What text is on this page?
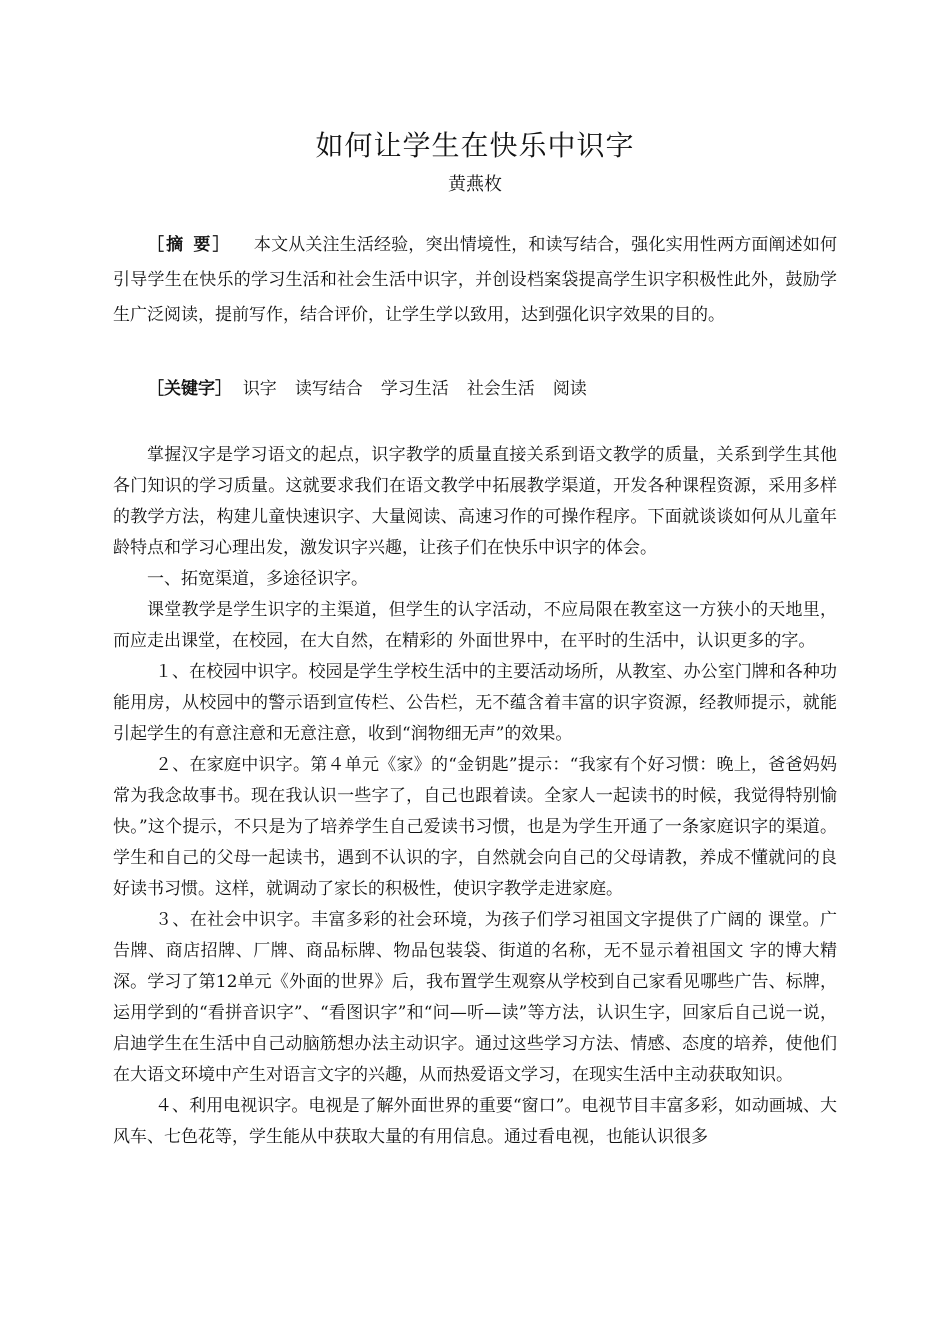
如何让学生在快乐中识字
黄燕枚

［摘 要］ 本文从关注生活经验，突出情境性，和读写结合，强化实用性两方面阐述如何引导学生在快乐的学习生活和社会生活中识字，并创设档案袋提高学生识字积极性此外，鼓励学生广泛阅读，提前写作，结合评价，让学生学以致用，达到强化识字效果的目的。

［关键字］ 识字 读写结合 学习生活 社会生活 阅读

掌握汉字是学习语文的起点，识字教学的质量直接关系到语文教学的质量，关系到学生其他各门知识的学习质量。这就要求我们在语文教学中拓展教学渠道，开发各种课程资源，采用多样的教学方法，构建儿童快速识字、大量阅读、高速习作的可操作程序。下面就谈谈如何从儿童年龄特点和学习心理出发，激发识字兴趣，让孩子们在快乐中识字的体会。

一、拓宽渠道，多途径识字。

课堂教学是学生识字的主渠道，但学生的认字活动，不应局限在教室这一方狭小的天地里，而应走出课堂，在校园，在大自然，在精彩的 外面世界中，在平时的生活中，认识更多的字。

１、在校园中识字。校园是学生学校生活中的主要活动场所，从教室、办公室门牌和各种功能用房，从校园中的警示语到宣传栏、公告栏，无不蕴含着丰富的识字资源，经教师提示，就能引起学生的有意注意和无意注意，收到“润物细无声”的效果。

２、在家庭中识字。第４单元《家》的“金钥匙”提示：“我家有个好习惯：晚上，爸爸妈妈常为我念故事书。现在我认识一些字了，自己也跟着读。全家人一起读书的时候，我觉得特别愉快。”这个提示，不只是为了培养学生自己爱读书习惯，也是为学生开通了一条家庭识字的渠道。学生和自己的父母一起读书，遇到不认识的字，自然就会向自己的父母请教，养成不懂就问的良好读书习惯。这样，就调动了家长的积极性，使识字教学走进家庭。

３、在社会中识字。丰富多彩的社会环境，为孩子们学习祖国文字提供了广阔的 课堂。广告牌、商店招牌、厂牌、商品标牌、物品包装袋、街道的名称，无不显示着祖国文 字的博大精深。学习了第12单元《外面的世界》后，我布置学生观察从学校到自己家看见哪些广告、标牌，运用学到的“看拼音识字”、“看图识字”和“问—听—读”等方法，认识生字，回家后自己说一说，启迪学生在生活中自己动脑筋想办法主动识字。通过这些学习方法、情感、态度的培养，使他们在大语文环境中产生对语言文字的兴趣，从而热爱语文学习，在现实生活中主动获取知识。

４、利用电视识字。电视是了解外面世界的重要“窗口”。电视节目丰富多彩，如动画城、大风车、七色花等，学生能从中获取大量的有用信息。通过看电视，也能认识很多
